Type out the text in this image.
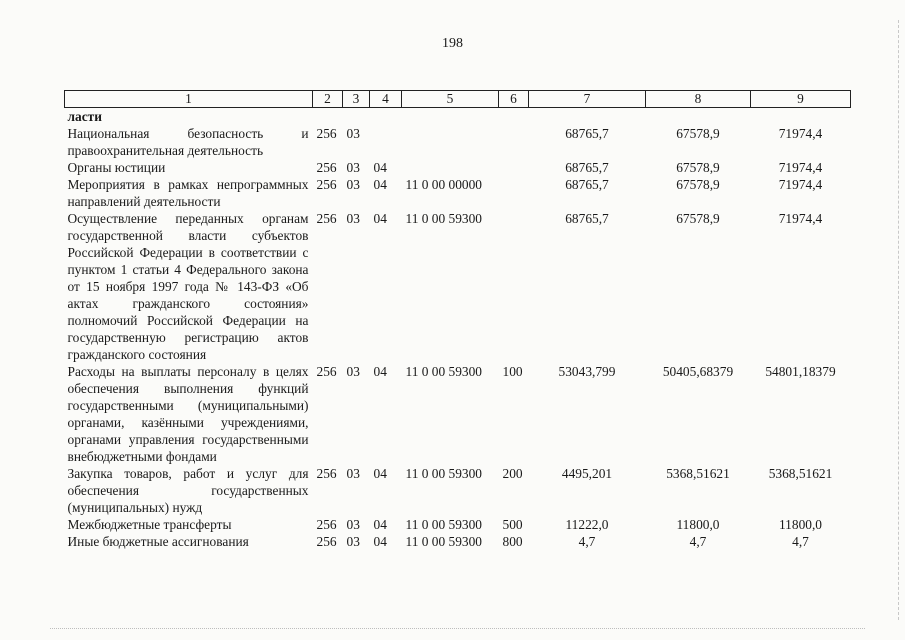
198
1	2	3	4	5	6	7	8	9
ласти								
Национальная безопасность и правоохранительная деятельность	256	03				68765,7	67578,9	71974,4
Органы юстиции	256	03	04			68765,7	67578,9	71974,4
Мероприятия в рамках непрограммных направлений деятельности	256	03	04	11 0 00 00000		68765,7	67578,9	71974,4
Осуществление переданных органам государственной власти субъектов Российской Федерации в соответствии с пунктом 1 статьи 4 Федерального закона от 15 ноября 1997 года № 143-ФЗ «Об актах гражданского состояния» полномочий Российской Федерации на государственную регистрацию актов гражданского состояния	256	03	04	11 0 00 59300		68765,7	67578,9	71974,4
Расходы на выплаты персоналу в целях обеспечения выполнения функций государственными (муниципальными) органами, казёнными учреждениями, органами управления государственными внебюджетными фондами	256	03	04	11 0 00 59300	100	53043,799	50405,68379	54801,18379
Закупка товаров, работ и услуг для обеспечения государственных (муниципальных) нужд	256	03	04	11 0 00 59300	200	4495,201	5368,51621	5368,51621
Межбюджетные трансферты	256	03	04	11 0 00 59300	500	11222,0	11800,0	11800,0
Иные бюджетные ассигнования	256	03	04	11 0 00 59300	800	4,7	4,7	4,7
